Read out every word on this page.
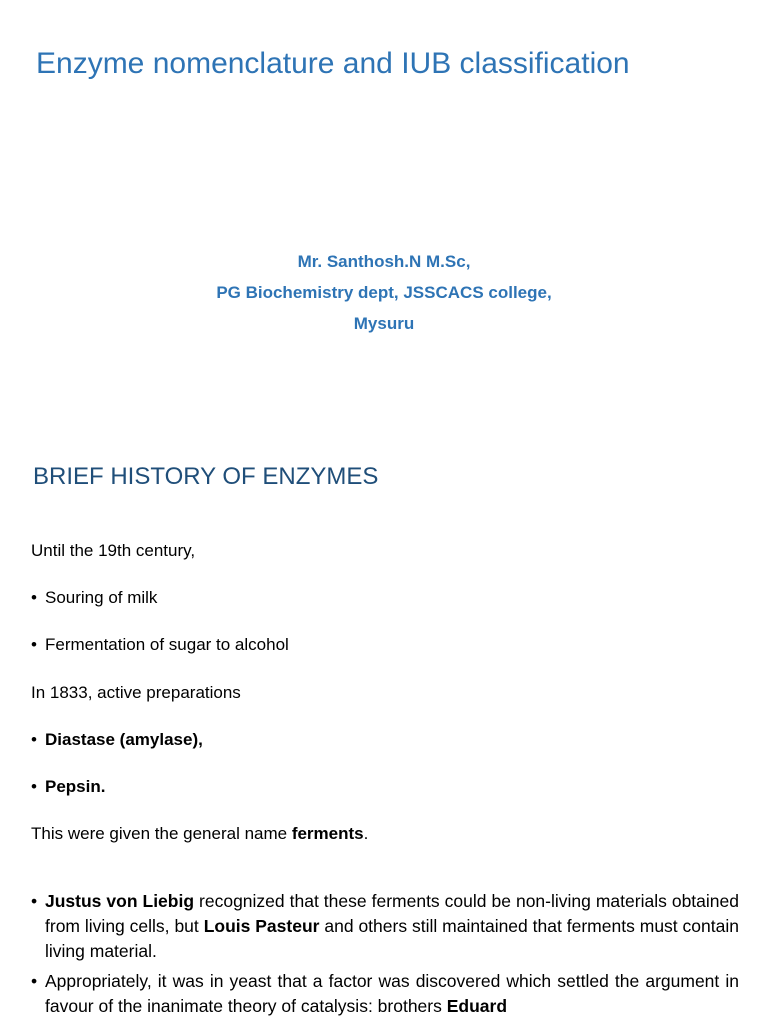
Enzyme nomenclature and IUB classification
Mr. Santhosh.N M.Sc,
PG Biochemistry dept, JSSCACS college,
Mysuru
BRIEF HISTORY OF ENZYMES

Until the 19th century,

• Souring of milk
• Fermentation of sugar to alcohol

In 1833, active preparations

• Diastase (amylase),
• Pepsin.

This were given the general name ferments.

• Justus von Liebig recognized that these ferments could be non-living materials obtained from living cells, but Louis Pasteur and others still maintained that ferments must contain living material.
• Appropriately, it was in yeast that a factor was discovered which settled the argument in favour of the inanimate theory of catalysis: brothers Eduard
